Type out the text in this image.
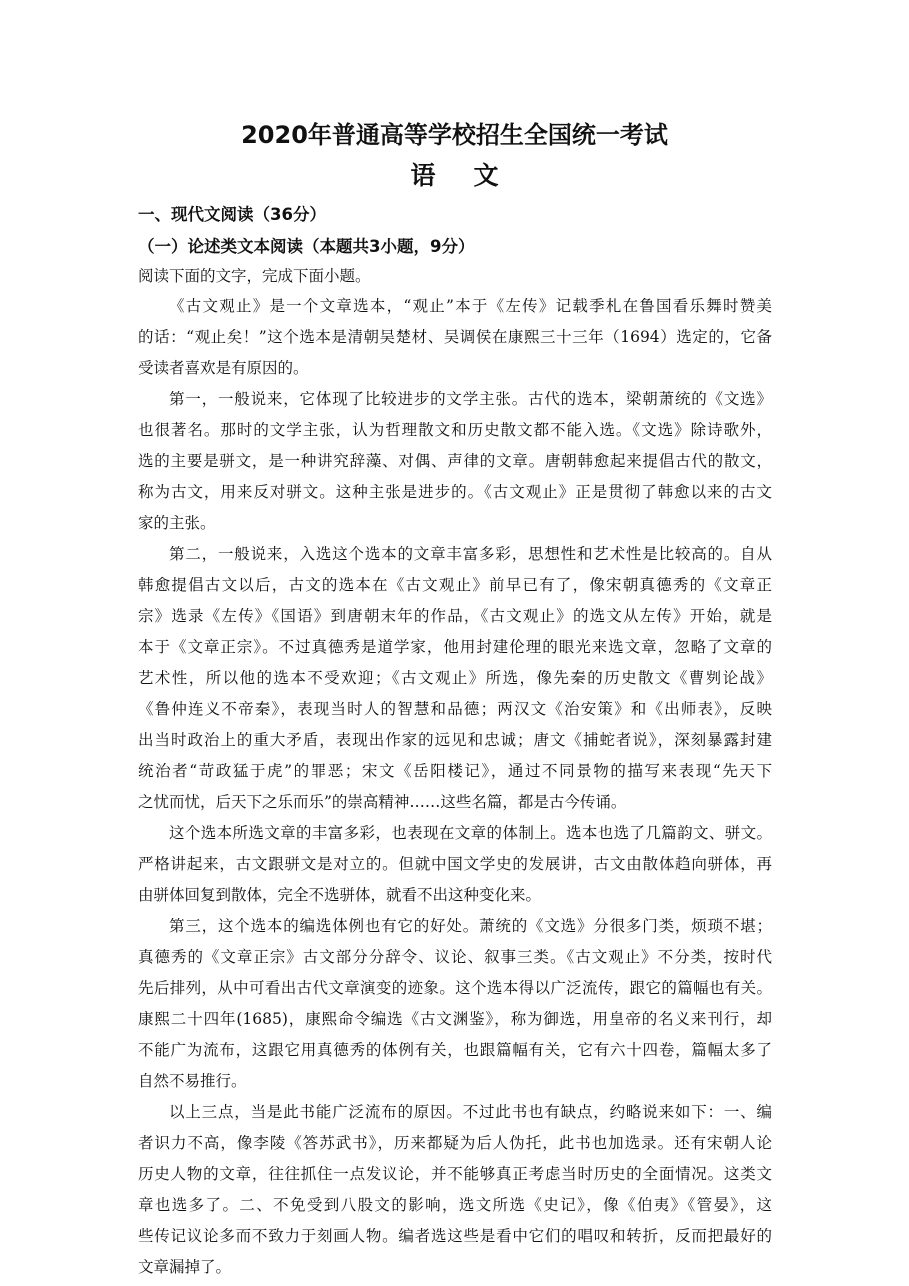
2020年普通高等学校招生全国统一考试
语文
一、现代文阅读（36分）
（一）论述类文本阅读（本题共3小题，9分）
阅读下面的文字，完成下面小题。
《古文观止》是一个文章选本，“观止”本于《左传》记载季札在鲁国看乐舞时赞美
的话：“观止矣！”这个选本是清朝吴楚材、吴调侯在康熙三十三年（1694）选定的，它备
受读者喜欢是有原因的。
第一，一般说来，它体现了比较进步的文学主张。古代的选本，梁朝萧统的《文选》
也很著名。那时的文学主张，认为哲理散文和历史散文都不能入选。《文选》除诗歌外，
选的主要是骈文，是一种讲究辞藻、对偶、声律的文章。唐朝韩愈起来提倡古代的散文，
称为古文，用来反对骈文。这种主张是进步的。《古文观止》正是贯彻了韩愈以来的古文
家的主张。
第二，一般说来，入选这个选本的文章丰富多彩，思想性和艺术性是比较高的。自从
韩愈提倡古文以后，古文的选本在《古文观止》前早已有了，像宋朝真德秀的《文章正
宗》选录《左传》《国语》到唐朝末年的作品，《古文观止》的选文从左传》开始，就是
本于《文章正宗》。不过真德秀是道学家，他用封建伦理的眼光来选文章，忽略了文章的
艺术性，所以他的选本不受欢迎；《古文观止》所选，像先秦的历史散文《曹刿论战》
《鲁仲连义不帝秦》，表现当时人的智慧和品德；两汉文《治安策》和《出师表》，反映
出当时政治上的重大矛盾，表现出作家的远见和忠诚；唐文《捕蛇者说》，深刻暴露封建
统治者“苛政猛于虎”的罪恶；宋文《岳阳楼记》，通过不同景物的描写来表现“先天下
之忧而忧，后天下之乐而乐”的崇高精神……这些名篇，都是古今传诵。
这个选本所选文章的丰富多彩，也表现在文章的体制上。选本也选了几篇韵文、骈文。
严格讲起来，古文跟骈文是对立的。但就中国文学史的发展讲，古文由散体趋向骈体，再
由骈体回复到散体，完全不选骈体，就看不出这种变化来。
第三，这个选本的编选体例也有它的好处。萧统的《文选》分很多门类，烦琐不堪；
真德秀的《文章正宗》古文部分分辞令、议论、叙事三类。《古文观止》不分类，按时代
先后排列，从中可看出古代文章演变的迹象。这个选本得以广泛流传，跟它的篇幅也有关。
康熙二十四年(1685)，康熙命令编选《古文渊鉴》，称为御选，用皇帝的名义来刊行，却
不能广为流布，这跟它用真德秀的体例有关，也跟篇幅有关，它有六十四卷，篇幅太多了
自然不易推行。
以上三点，当是此书能广泛流布的原因。不过此书也有缺点，约略说来如下：一、编
者识力不高，像李陵《答苏武书》，历来都疑为后人伪托，此书也加选录。还有宋朝人论
历史人物的文章，往往抓住一点发议论，并不能够真正考虑当时历史的全面情况。这类文
章也选多了。二、不免受到八股文的影响，选文所选《史记》，像《伯夷》《管晏》，这
些传记议论多而不致力于刻画人物。编者选这些是看中它们的唱叹和转折，反而把最好的
文章漏掉了。
